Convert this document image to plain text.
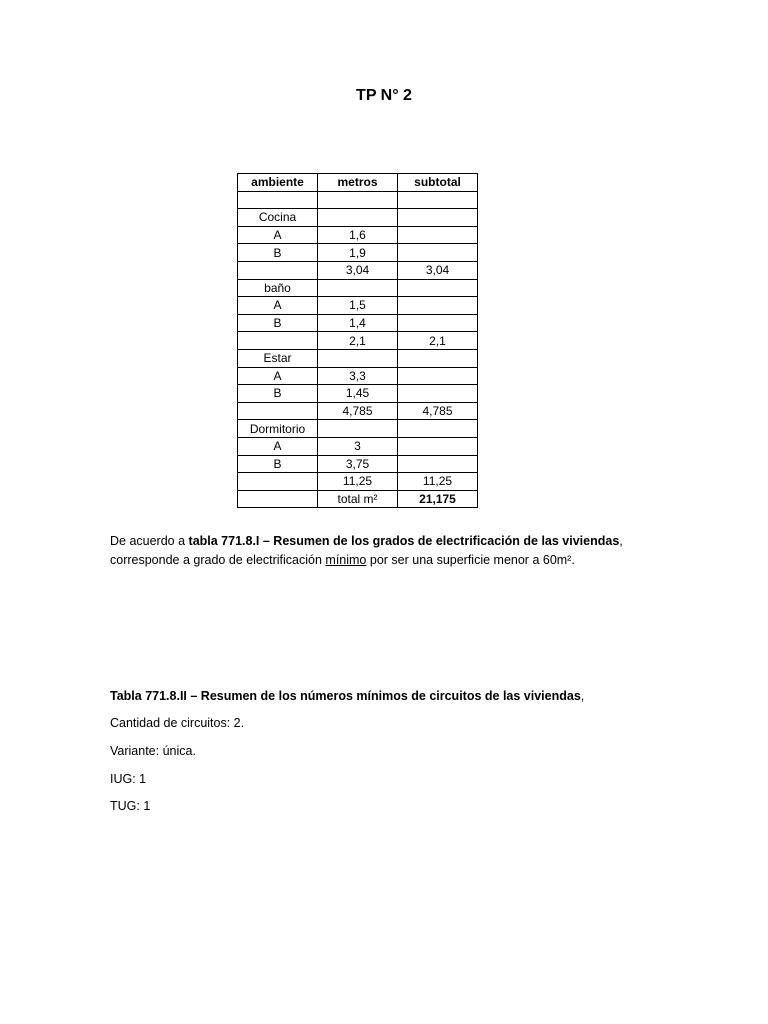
TP N° 2
ambiente	metros	subtotal

Cocina		
A	1,6	
B	1,9	
	3,04	3,04
baño		
A	1,5	
B	1,4	
	2,1	2,1
Estar		
A	3,3	
B	1,45	
	4,785	4,785
Dormitorio		
A	3	
B	3,75	
	11,25	11,25
	total m²	21,175
De acuerdo a tabla 771.8.I – Resumen de los grados de electrificación de las viviendas,
corresponde a grado de electrificación mínimo por ser una superficie menor a 60m².
Tabla 771.8.II – Resumen de los números mínimos de circuitos de las viviendas,
Cantidad de circuitos: 2.
Variante: única.
IUG: 1
TUG: 1
